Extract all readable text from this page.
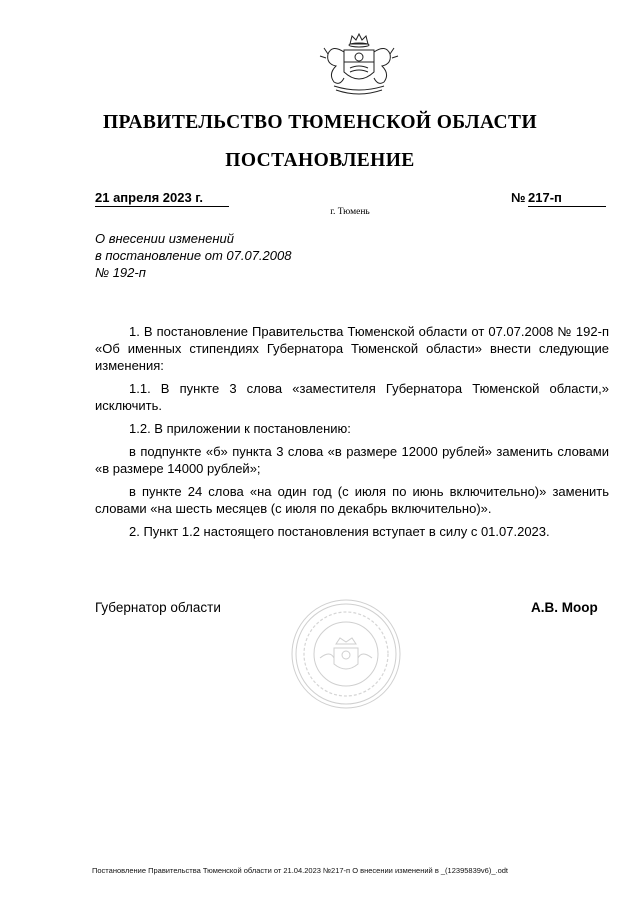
ПРАВИТЕЛЬСТВО ТЮМЕНСКОЙ ОБЛАСТИ
ПОСТАНОВЛЕНИЕ
21 апреля 2023 г.	№ 217-п
г. Тюмень
О внесении изменений
в постановление от 07.07.2008
№ 192-п

1. В постановление Правительства Тюменской области от 07.07.2008 № 192-п «Об именных стипендиях Губернатора Тюменской области» внести следующие изменения:

1.1. В пункте 3 слова «заместителя Губернатора Тюменской области,» исключить.

1.2. В приложении к постановлению:

в подпункте «б» пункта 3 слова «в размере 12000 рублей» заменить словами «в размере 14000 рублей»;

в пункте 24 слова «на один год (с июля по июнь включительно)» заменить словами «на шесть месяцев (с июля по декабрь включительно)».

2. Пункт 1.2 настоящего постановления вступает в силу с 01.07.2023.

Губернатор области	А.В. Моор
Постановление Правительства Тюменской области от 21.04.2023 №217-п О внесении изменений в _(12395839v6)_.odt
